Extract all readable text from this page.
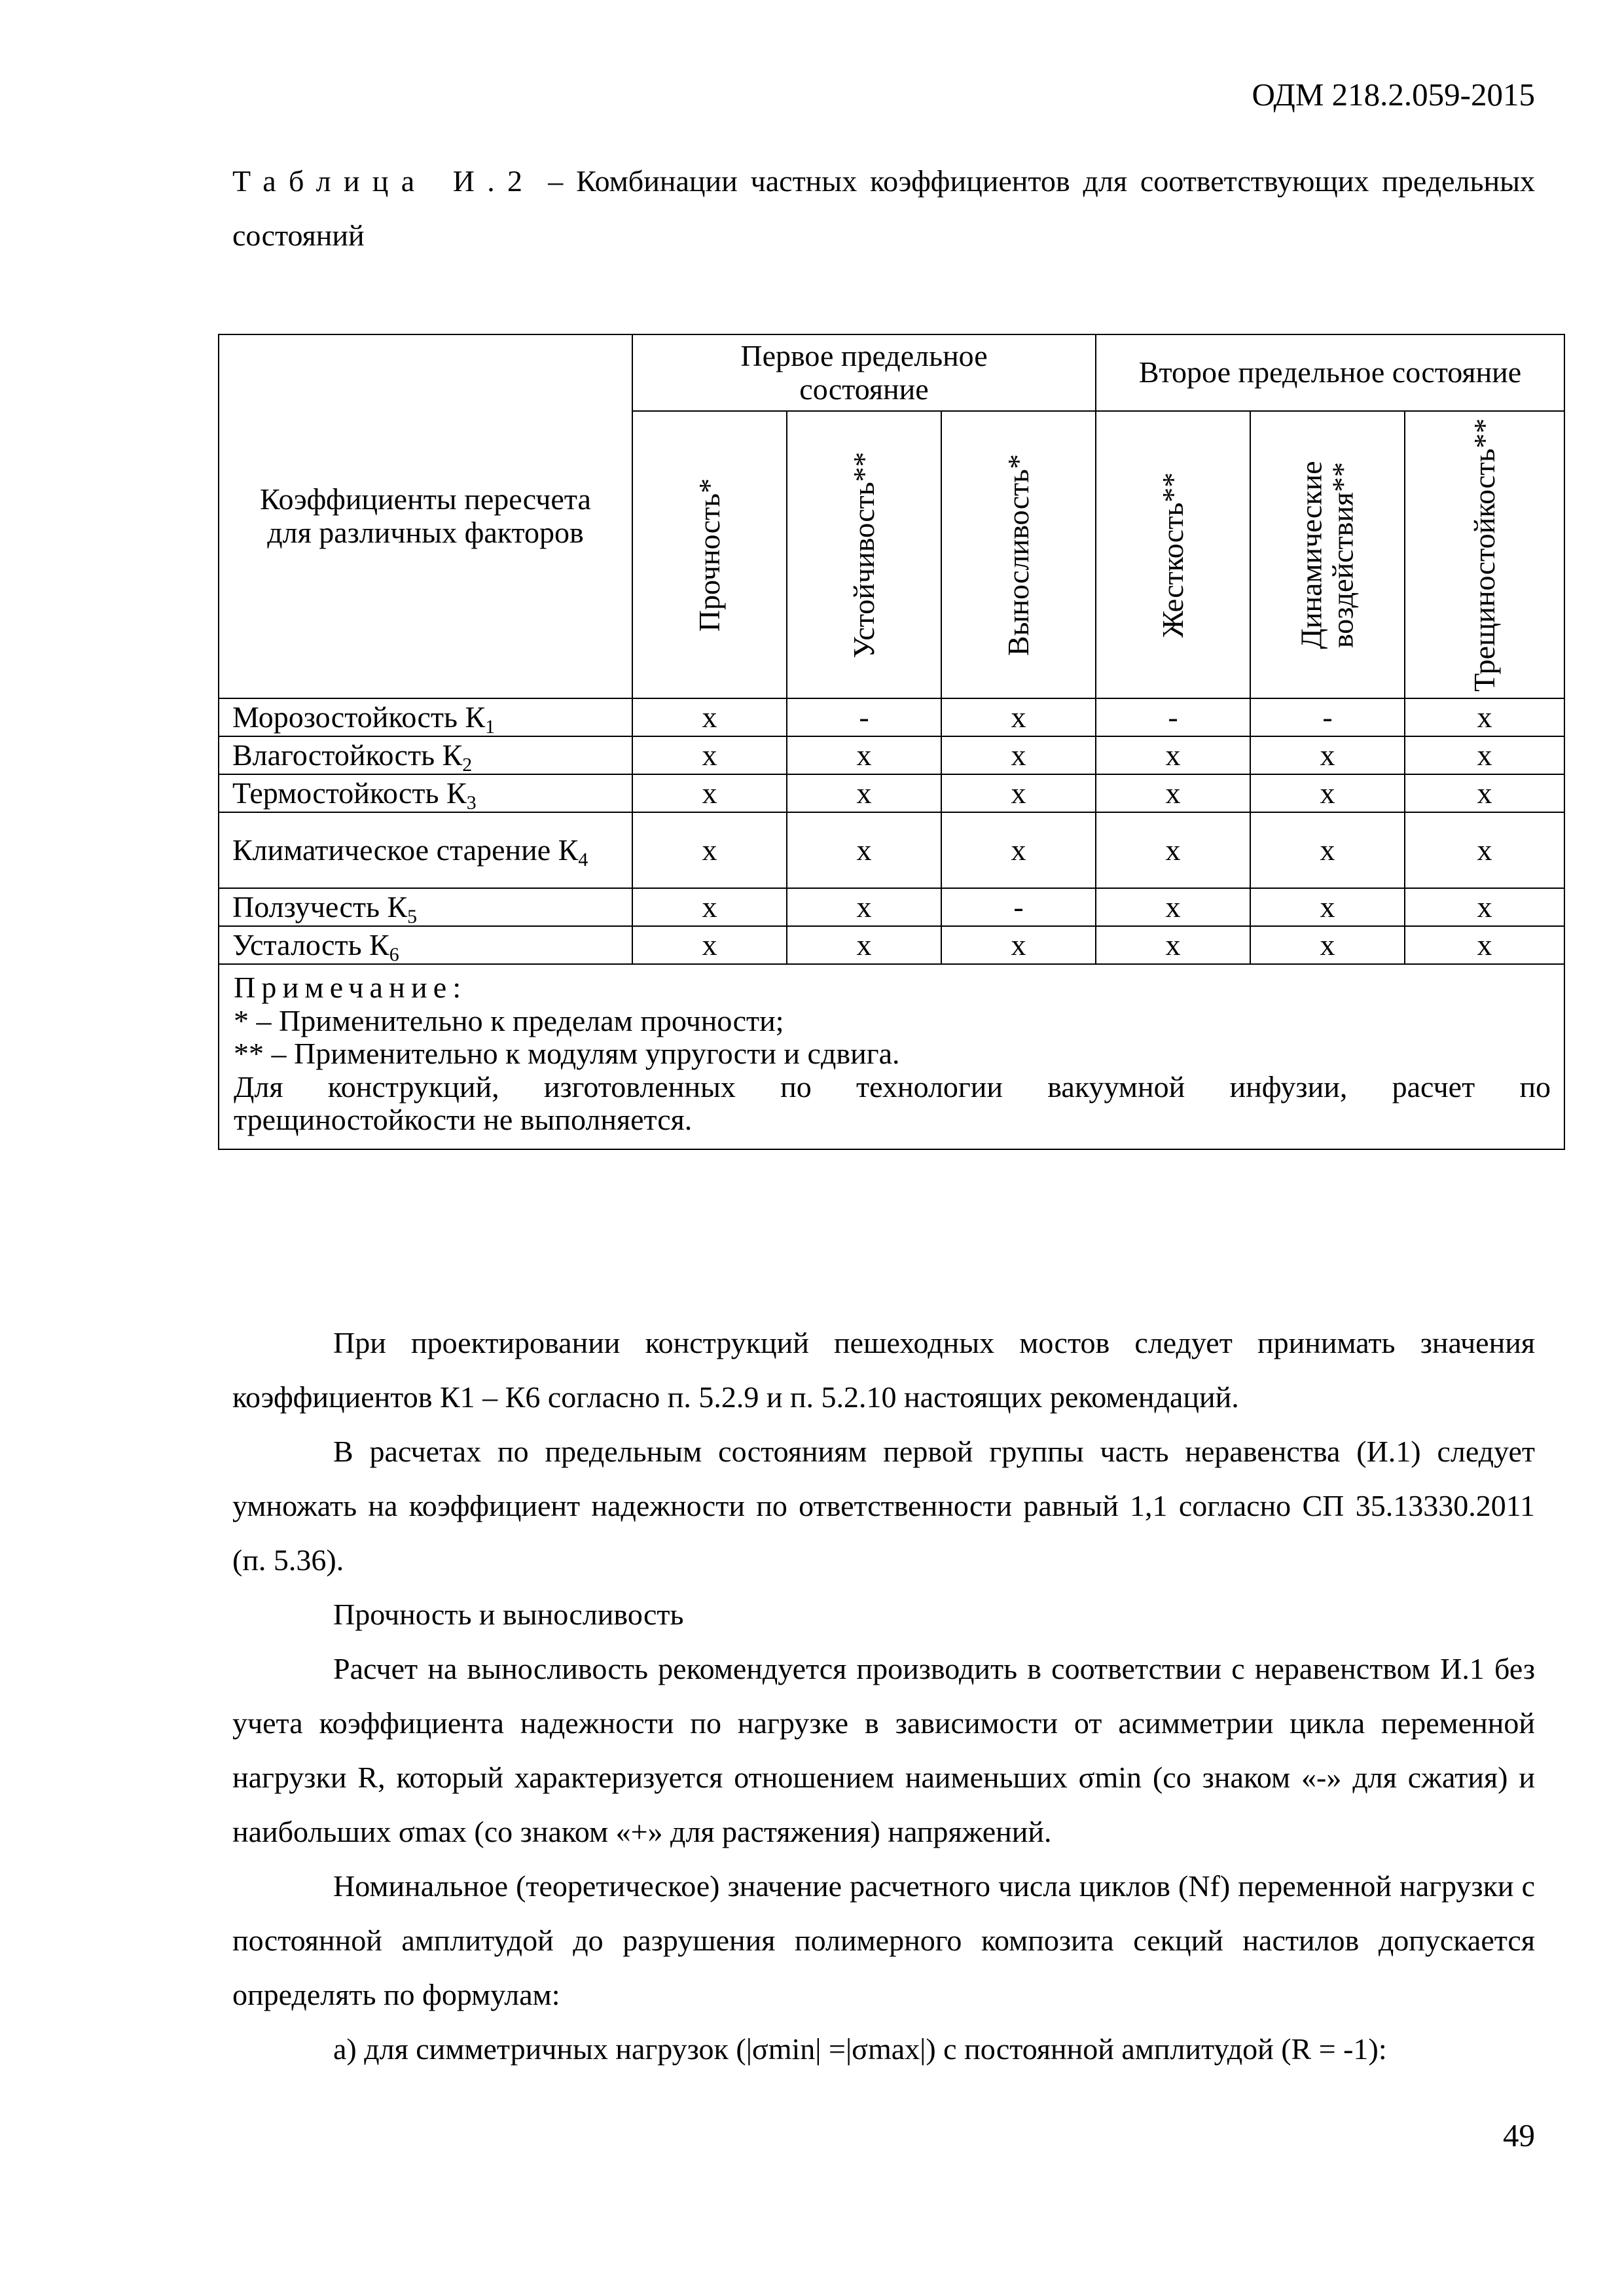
ОДМ 218.2.059-2015
Таблица И.2 – Комбинации частных коэффициентов для соответствующих предельных состояний
Коэффициенты пересчета для различных факторов	Первое предельное состояние			Второе предельное состояние		

	Прочность*	Устойчивость**	Выносливость*	Жесткость**	Динамические воздействия**	Трещиностойкость**

Морозостойкость $К_1$	x	-	x	-	-	x
Влагостойкость $К_2$	x	x	x	x	x	x
Термостойкость $К_3$	x	x	x	x	x	x
Климатическое старение $К_4$	x	x	x	x	x	x
Ползучесть $К_5$	x	x	-	x	x	x
Усталость $К_6$	x	x	x	x	x	x

Примечание:

* – Применительно к пределам прочности;

** – Применительно к модулям упругости и сдвига.

Для конструкций, изготовленных по технологии вакуумной инфузии, расчет по

трещиностойкости не выполняется.						

При проектировании конструкций пешеходных мостов следует принимать значения коэффициентов К1 – К6 согласно п. 5.2.9 и п. 5.2.10 настоящих рекомендаций.

В расчетах по предельным состояниям первой группы часть неравенства (И.1) следует умножать на коэффициент надежности по ответственности равный 1,1 согласно СП 35.13330.2011 (п. 5.36).

Прочность и выносливость

Расчет на выносливость рекомендуется производить в соответствии с неравенством И.1 без учета коэффициента надежности по нагрузке в зависимости от асимметрии цикла переменной нагрузки R, который характеризуется отношением наименьших σmin (со знаком «-» для сжатия) и наибольших σmax (со знаком «+» для растяжения) напряжений.

Номинальное (теоретическое) значение расчетного числа циклов (Nf) переменной нагрузки с постоянной амплитудой до разрушения полимерного композита секций настилов допускается определять по формулам:

а) для симметричных нагрузок (|σmin| =|σmax|) с постоянной амплитудой (R = -1):

49
